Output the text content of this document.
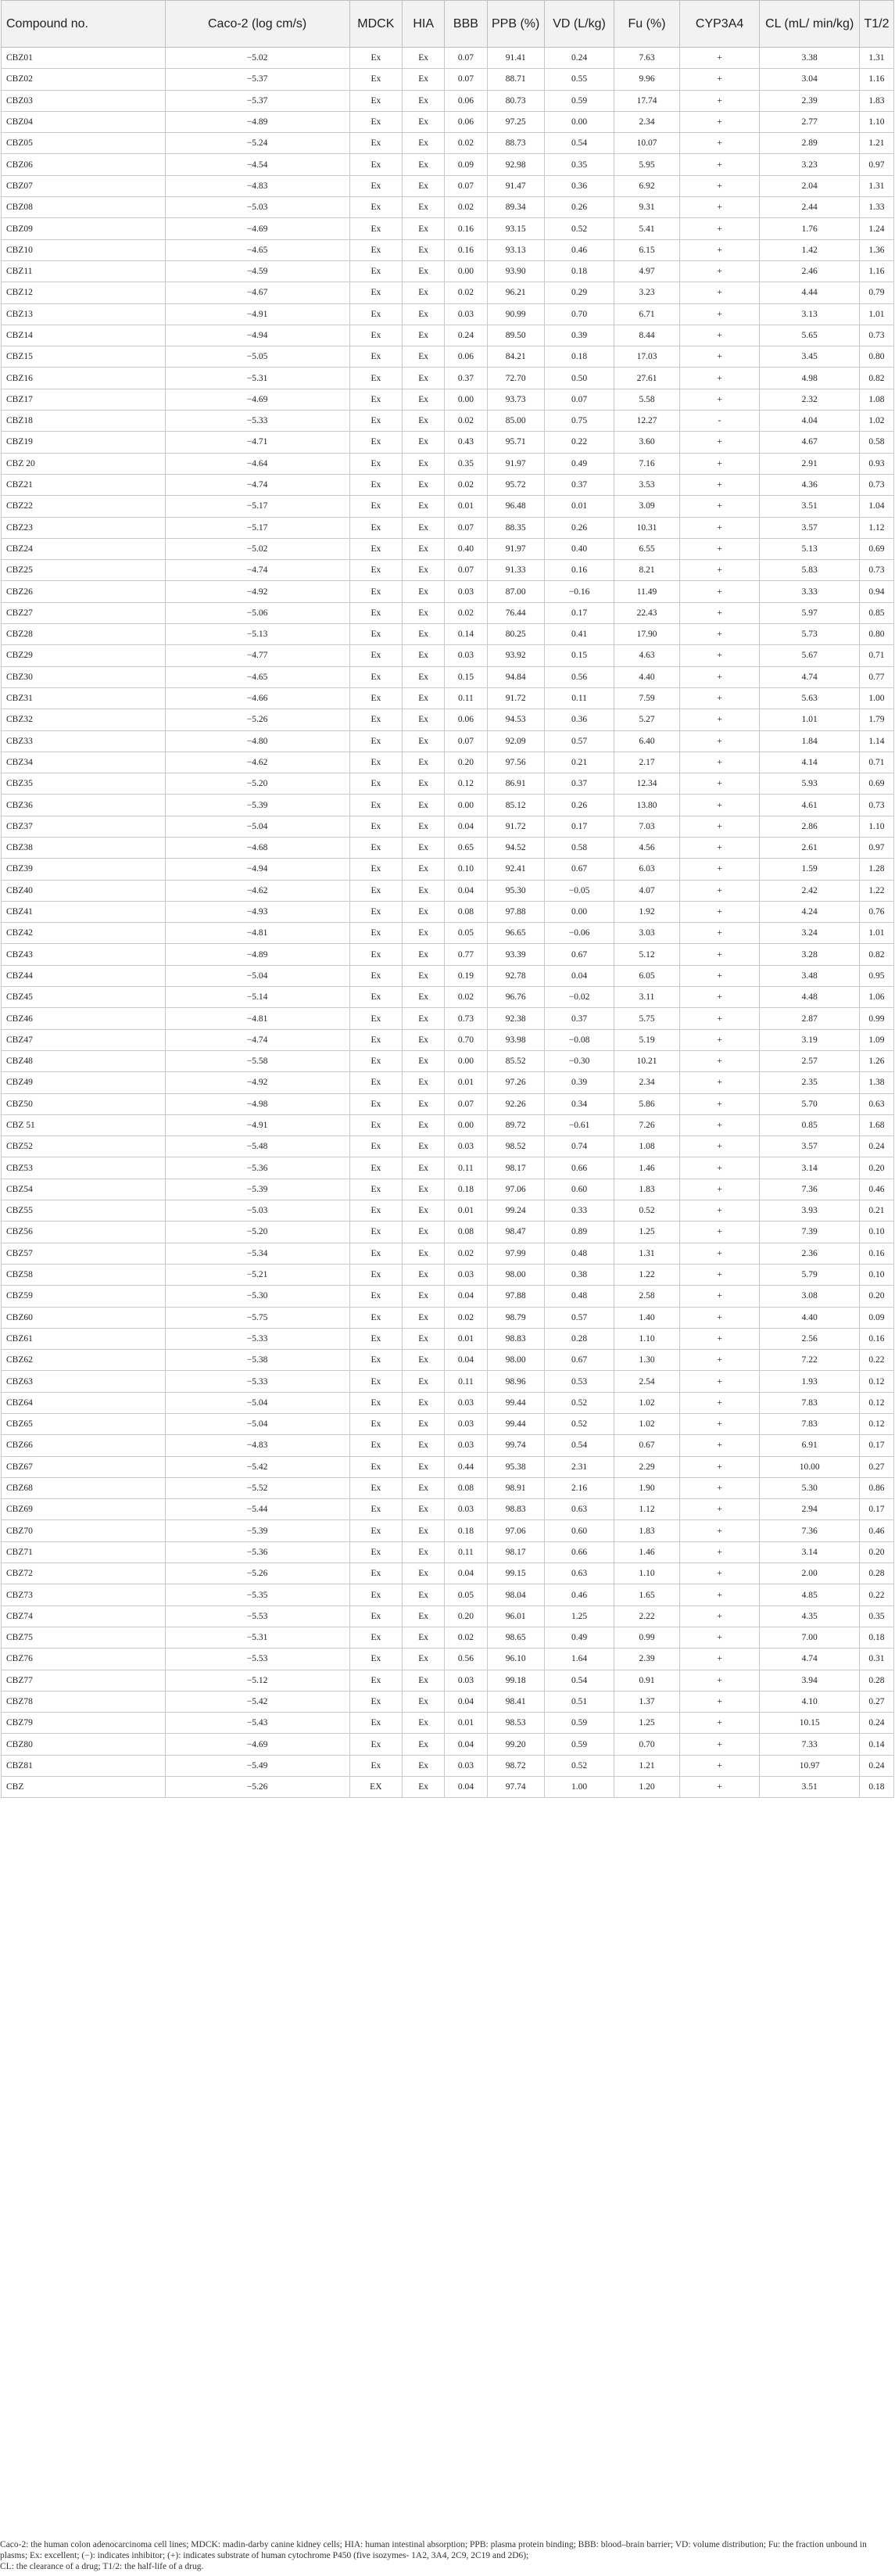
Compound no.	Caco-2 (log cm/s)	MDCK	HIA	BBB	PPB (%)	VD (L/kg)	Fu (%)	CYP3A4	CL (mL/ min/kg)	T1/2
CBZ01	−5.02	Ex	Ex	0.07	91.41	0.24	7.63	+	3.38	1.31
CBZ02	−5.37	Ex	Ex	0.07	88.71	0.55	9.96	+	3.04	1.16
CBZ03	−5.37	Ex	Ex	0.06	80.73	0.59	17.74	+	2.39	1.83
CBZ04	−4.89	Ex	Ex	0.06	97.25	0.00	2.34	+	2.77	1.10
CBZ05	−5.24	Ex	Ex	0.02	88.73	0.54	10.07	+	2.89	1.21
CBZ06	−4.54	Ex	Ex	0.09	92.98	0.35	5.95	+	3.23	0.97
CBZ07	−4.83	Ex	Ex	0.07	91.47	0.36	6.92	+	2.04	1.31
CBZ08	−5.03	Ex	Ex	0.02	89.34	0.26	9.31	+	2.44	1.33
CBZ09	−4.69	Ex	Ex	0.16	93.15	0.52	5.41	+	1.76	1.24
CBZ10	−4.65	Ex	Ex	0.16	93.13	0.46	6.15	+	1.42	1.36
CBZ11	−4.59	Ex	Ex	0.00	93.90	0.18	4.97	+	2.46	1.16
CBZ12	−4.67	Ex	Ex	0.02	96.21	0.29	3.23	+	4.44	0.79
CBZ13	−4.91	Ex	Ex	0.03	90.99	0.70	6.71	+	3.13	1.01
CBZ14	−4.94	Ex	Ex	0.24	89.50	0.39	8.44	+	5.65	0.73
CBZ15	−5.05	Ex	Ex	0.06	84.21	0.18	17.03	+	3.45	0.80
CBZ16	−5.31	Ex	Ex	0.37	72.70	0.50	27.61	+	4.98	0.82
CBZ17	−4.69	Ex	Ex	0.00	93.73	0.07	5.58	+	2.32	1.08
CBZ18	−5.33	Ex	Ex	0.02	85.00	0.75	12.27	-	4.04	1.02
CBZ19	−4.71	Ex	Ex	0.43	95.71	0.22	3.60	+	4.67	0.58
CBZ 20	−4.64	Ex	Ex	0.35	91.97	0.49	7.16	+	2.91	0.93
CBZ21	−4.74	Ex	Ex	0.02	95.72	0.37	3.53	+	4.36	0.73
CBZ22	−5.17	Ex	Ex	0.01	96.48	0.01	3.09	+	3.51	1.04
CBZ23	−5.17	Ex	Ex	0.07	88.35	0.26	10.31	+	3.57	1.12
CBZ24	−5.02	Ex	Ex	0.40	91.97	0.40	6.55	+	5.13	0.69
CBZ25	−4.74	Ex	Ex	0.07	91.33	0.16	8.21	+	5.83	0.73
CBZ26	−4.92	Ex	Ex	0.03	87.00	−0.16	11.49	+	3.33	0.94
CBZ27	−5.06	Ex	Ex	0.02	76.44	0.17	22.43	+	5.97	0.85
CBZ28	−5.13	Ex	Ex	0.14	80.25	0.41	17.90	+	5.73	0.80
CBZ29	−4.77	Ex	Ex	0.03	93.92	0.15	4.63	+	5.67	0.71
CBZ30	−4.65	Ex	Ex	0.15	94.84	0.56	4.40	+	4.74	0.77
CBZ31	−4.66	Ex	Ex	0.11	91.72	0.11	7.59	+	5.63	1.00
CBZ32	−5.26	Ex	Ex	0.06	94.53	0.36	5.27	+	1.01	1.79
CBZ33	−4.80	Ex	Ex	0.07	92.09	0.57	6.40	+	1.84	1.14
CBZ34	−4.62	Ex	Ex	0.20	97.56	0.21	2.17	+	4.14	0.71
CBZ35	−5.20	Ex	Ex	0.12	86.91	0.37	12.34	+	5.93	0.69
CBZ36	−5.39	Ex	Ex	0.00	85.12	0.26	13.80	+	4.61	0.73
CBZ37	−5.04	Ex	Ex	0.04	91.72	0.17	7.03	+	2.86	1.10
CBZ38	−4.68	Ex	Ex	0.65	94.52	0.58	4.56	+	2.61	0.97
CBZ39	−4.94	Ex	Ex	0.10	92.41	0.67	6.03	+	1.59	1.28
CBZ40	−4.62	Ex	Ex	0.04	95.30	−0.05	4.07	+	2.42	1.22
CBZ41	−4.93	Ex	Ex	0.08	97.88	0.00	1.92	+	4.24	0.76
CBZ42	−4.81	Ex	Ex	0.05	96.65	−0.06	3.03	+	3.24	1.01
CBZ43	−4.89	Ex	Ex	0.77	93.39	0.67	5.12	+	3.28	0.82
CBZ44	−5.04	Ex	Ex	0.19	92.78	0.04	6.05	+	3.48	0.95
CBZ45	−5.14	Ex	Ex	0.02	96.76	−0.02	3.11	+	4.48	1.06
CBZ46	−4.81	Ex	Ex	0.73	92.38	0.37	5.75	+	2.87	0.99
CBZ47	−4.74	Ex	Ex	0.70	93.98	−0.08	5.19	+	3.19	1.09
CBZ48	−5.58	Ex	Ex	0.00	85.52	−0.30	10.21	+	2.57	1.26
CBZ49	−4.92	Ex	Ex	0.01	97.26	0.39	2.34	+	2.35	1.38
CBZ50	−4.98	Ex	Ex	0.07	92.26	0.34	5.86	+	5.70	0.63
CBZ 51	−4.91	Ex	Ex	0.00	89.72	−0.61	7.26	+	0.85	1.68
CBZ52	−5.48	Ex	Ex	0.03	98.52	0.74	1.08	+	3.57	0.24
CBZ53	−5.36	Ex	Ex	0.11	98.17	0.66	1.46	+	3.14	0.20
CBZ54	−5.39	Ex	Ex	0.18	97.06	0.60	1.83	+	7.36	0.46
CBZ55	−5.03	Ex	Ex	0.01	99.24	0.33	0.52	+	3.93	0.21
CBZ56	−5.20	Ex	Ex	0.08	98.47	0.89	1.25	+	7.39	0.10
CBZ57	−5.34	Ex	Ex	0.02	97.99	0.48	1.31	+	2.36	0.16
CBZ58	−5.21	Ex	Ex	0.03	98.00	0.38	1.22	+	5.79	0.10
CBZ59	−5.30	Ex	Ex	0.04	97.88	0.48	2.58	+	3.08	0.20
CBZ60	−5.75	Ex	Ex	0.02	98.79	0.57	1.40	+	4.40	0.09
CBZ61	−5.33	Ex	Ex	0.01	98.83	0.28	1.10	+	2.56	0.16
CBZ62	−5.38	Ex	Ex	0.04	98.00	0.67	1.30	+	7.22	0.22
CBZ63	−5.33	Ex	Ex	0.11	98.96	0.53	2.54	+	1.93	0.12
CBZ64	−5.04	Ex	Ex	0.03	99.44	0.52	1.02	+	7.83	0.12
CBZ65	−5.04	Ex	Ex	0.03	99.44	0.52	1.02	+	7.83	0.12
CBZ66	−4.83	Ex	Ex	0.03	99.74	0.54	0.67	+	6.91	0.17
CBZ67	−5.42	Ex	Ex	0.44	95.38	2.31	2.29	+	10.00	0.27
CBZ68	−5.52	Ex	Ex	0.08	98.91	2.16	1.90	+	5.30	0.86
CBZ69	−5.44	Ex	Ex	0.03	98.83	0.63	1.12	+	2.94	0.17
CBZ70	−5.39	Ex	Ex	0.18	97.06	0.60	1.83	+	7.36	0.46
CBZ71	−5.36	Ex	Ex	0.11	98.17	0.66	1.46	+	3.14	0.20
CBZ72	−5.26	Ex	Ex	0.04	99.15	0.63	1.10	+	2.00	0.28
CBZ73	−5.35	Ex	Ex	0.05	98.04	0.46	1.65	+	4.85	0.22
CBZ74	−5.53	Ex	Ex	0.20	96.01	1.25	2.22	+	4.35	0.35
CBZ75	−5.31	Ex	Ex	0.02	98.65	0.49	0.99	+	7.00	0.18
CBZ76	−5.53	Ex	Ex	0.56	96.10	1.64	2.39	+	4.74	0.31
CBZ77	−5.12	Ex	Ex	0.03	99.18	0.54	0.91	+	3.94	0.28
CBZ78	−5.42	Ex	Ex	0.04	98.41	0.51	1.37	+	4.10	0.27
CBZ79	−5.43	Ex	Ex	0.01	98.53	0.59	1.25	+	10.15	0.24
CBZ80	−4.69	Ex	Ex	0.04	99.20	0.59	0.70	+	7.33	0.14
CBZ81	−5.49	Ex	Ex	0.03	98.72	0.52	1.21	+	10.97	0.24
CBZ	−5.26	EX	Ex	0.04	97.74	1.00	1.20	+	3.51	0.18

Caco-2: the human colon adenocarcinoma cell lines; MDCK: madin-darby canine kidney cells; HIA: human intestinal absorption; PPB: plasma protein binding; BBB: blood–brain barrier; VD: volume distribution; Fu: the fraction unbound in plasms; Ex: excellent; (−): indicates inhibitor; (+): indicates substrate of human cytochrome P450 (five isozymes- 1A2, 3A4, 2C9, 2C19 and 2D6);

CL: the clearance of a drug; T1/2: the half-life of a drug.
